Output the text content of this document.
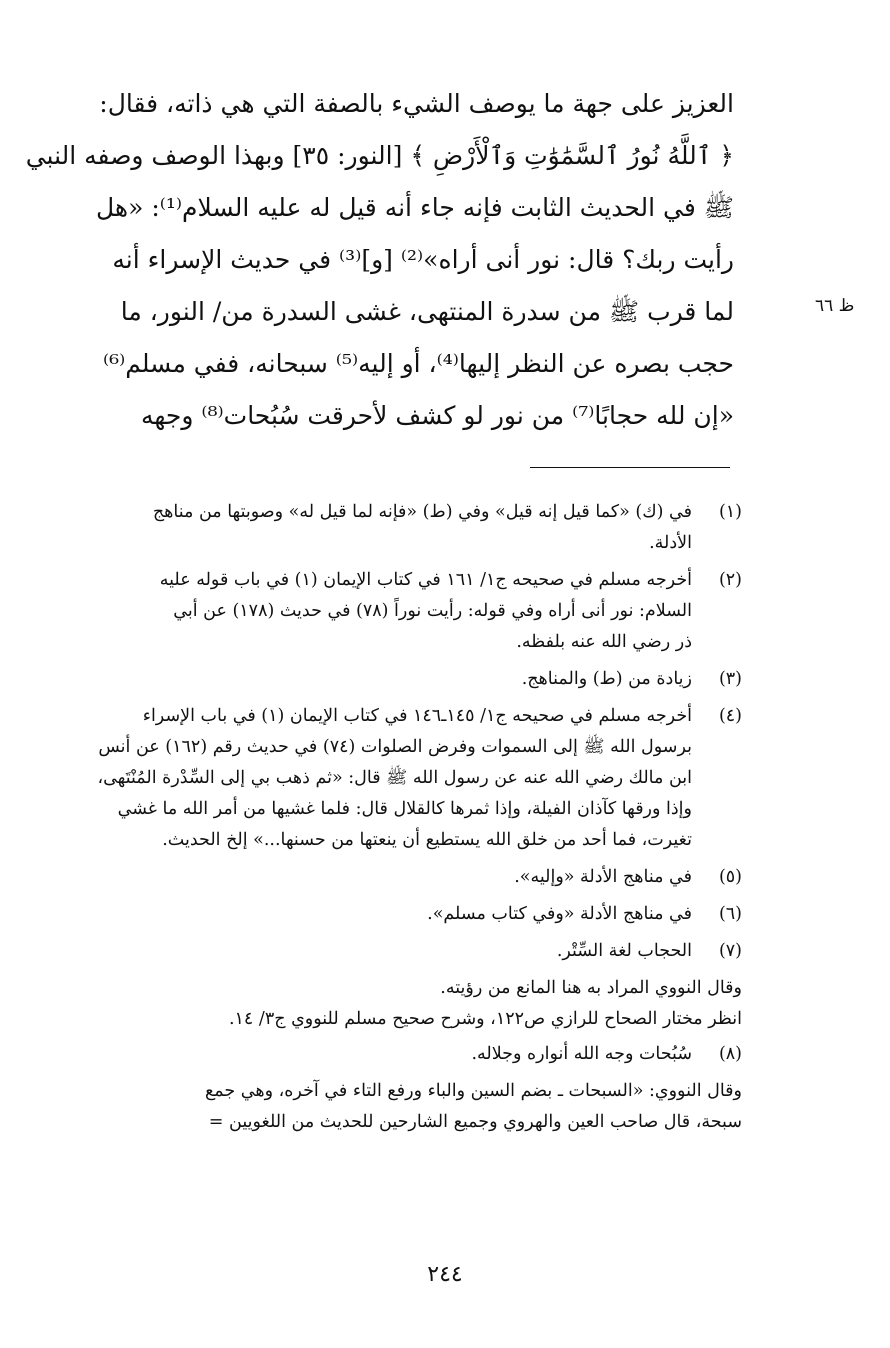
العزيز على جهة ما يوصف الشيء بالصفة التي هي ذاته، فقال:
﴿ ٱللَّهُ نُورُ ٱلسَّمَٰوَٰتِ وَٱلْأَرْضِ ﴾ [النور: ٣٥] وبهذا الوصف وصفه النبي
ﷺ في الحديث الثابت فإنه جاء أنه قيل له عليه السلام⁽¹⁾: «هل
رأيت ربك؟ قال: نور أنى أراه»⁽²⁾ [و]⁽³⁾ في حديث الإسراء أنه
لما قرب ﷺ من سدرة المنتهى، غشى السدرة من/ النور، ما
حجب بصره عن النظر إليها⁽⁴⁾، أو إليه⁽⁵⁾ سبحانه، ففي مسلم⁽⁶⁾
«إن لله حجابًا⁽⁷⁾ من نور لو كشف لأحرقت سُبُحات⁽⁸⁾ وجهه
ظ ٦٦
(١)
في (ك) «كما قيل إنه قيل» وفي (ط) «فإنه لما قيل له» وصوبتها من مناهج
الأدلة.
(٢)
أخرجه مسلم في صحيحه ج١/ ١٦١ في كتاب الإيمان (١) في باب قوله عليه
السلام: نور أنى أراه وفي قوله: رأيت نوراً (٧٨) في حديث (١٧٨) عن أبي
ذر رضي الله عنه بلفظه.
(٣)
زيادة من (ط) والمناهج.
(٤)
أخرجه مسلم في صحيحه ج١/ ١٤٥ـ١٤٦ في كتاب الإيمان (١) في باب الإسراء
برسول الله ﷺ إلى السموات وفرض الصلوات (٧٤) في حديث رقم (١٦٢) عن أنس
ابن مالك رضي الله عنه عن رسول الله ﷺ قال: «ثم ذهب بي إلى السِّدْرة المُنْتَهى،
وإذا ورقها كآذان الفيلة، وإذا ثمرها كالقلال قال: فلما غشيها من أمر الله ما غشي
تغيرت، فما أحد من خلق الله يستطيع أن ينعتها من حسنها...» إلخ الحديث.
(٥)
في مناهج الأدلة «وإليه».
(٦)
في مناهج الأدلة «وفي كتاب مسلم».
(٧)
الحجاب لغة السِّتْر.
وقال النووي المراد به هنا المانع من رؤيته.
انظر مختار الصحاح للرازي ص١٢٢، وشرح صحيح مسلم للنووي ج٣/ ١٤.
(٨)
سُبُحات وجه الله أنواره وجلاله.
وقال النووي: «السبحات ـ بضم السين والباء ورفع التاء في آخره، وهي جمع
سبحة، قال صاحب العين والهروي وجميع الشارحين للحديث من اللغويين =
٢٤٤
